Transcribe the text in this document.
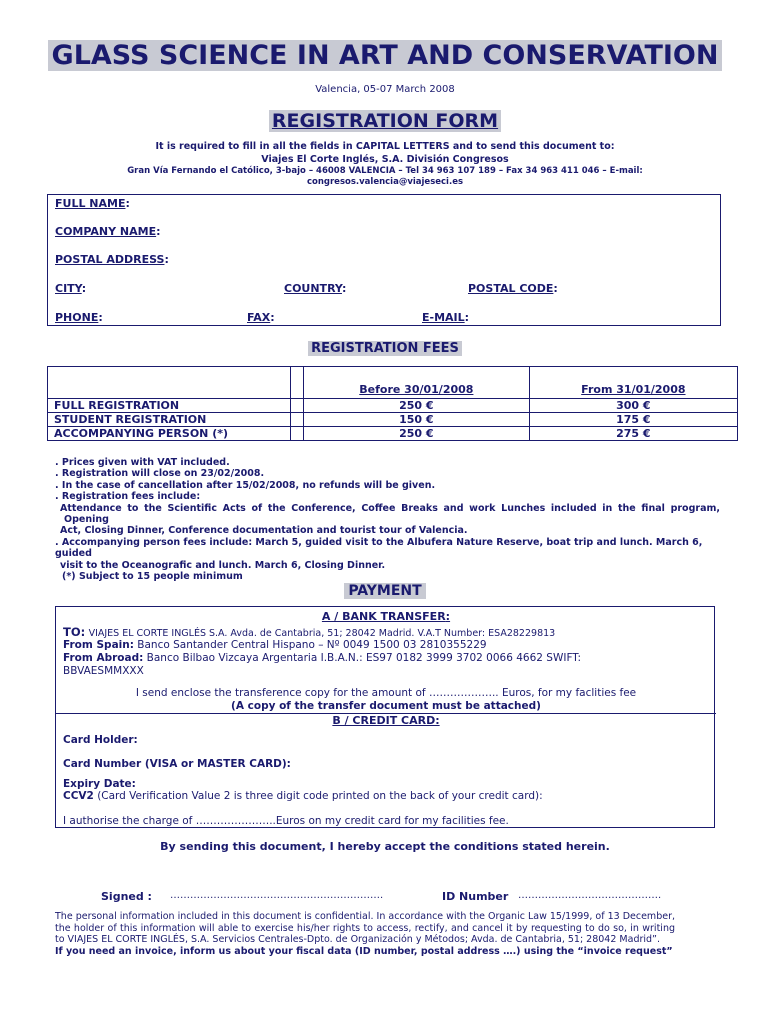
GLASS SCIENCE IN ART AND CONSERVATION
Valencia, 05-07 March 2008
REGISTRATION FORM
It is required to fill in all the fields in CAPITAL LETTERS and to send this document to:
Viajes El Corte Inglés, S.A. División Congresos
Gran Vía Fernando el Católico, 3-bajo – 46008 VALENCIA – Tel 34 963 107 189 – Fax 34 963 411 046 – E-mail:
congresos.valencia@viajeseci.es
FULL NAME:
COMPANY NAME:
POSTAL ADDRESS:
CITY:	COUNTRY:	POSTAL CODE:
PHONE:	FAX:	E-MAIL:
REGISTRATION FEES
		Before 30/01/2008	From 31/01/2008
FULL REGISTRATION		250 €	300 €
STUDENT REGISTRATION		150 €	175 €
ACCOMPANYING PERSON (*)		250 €	275 €
. Prices given with VAT included.
. Registration will close on 23/02/2008.
. In the case of cancellation after 15/02/2008, no refunds will be given.
. Registration fees include:
Attendance to the Scientific Acts of the Conference, Coffee Breaks and work Lunches included in the final program, Opening
Act, Closing Dinner, Conference documentation and tourist tour of Valencia.
. Accompanying person fees include: March 5, guided visit to the Albufera Nature Reserve, boat trip and lunch. March 6, guided
visit to the Oceanografic and lunch. March 6, Closing Dinner.
(*) Subject to 15 people minimum
PAYMENT
A / BANK TRANSFER:
TO: VIAJES EL CORTE INGLÉS S.A. Avda. de Cantabria, 51; 28042 Madrid. V.A.T Number: ESA28229813
From Spain: Banco Santander Central Hispano – Nº 0049 1500 03 2810355229
From Abroad: Banco Bilbao Vizcaya Argentaria I.B.A.N.: ES97 0182 3999 3702 0066 4662 SWIFT:
BBVAESMMXXX
I send enclose the transference copy for the amount of ……………….. Euros, for my faclities fee
(A copy of the transfer document must be attached)
B / CREDIT CARD:
Card Holder:
Card Number (VISA or MASTER CARD):
Expiry Date:
CCV2 (Card Verification Value 2 is three digit code printed on the back of your credit card):
I authorise the charge of …………………..Euros on my credit card for my facilities fee.
By sending this document, I hereby accept the conditions stated herein.
Signed : ……………………………………………………….	ID Number …………………………………….
The personal information included in this document is confidential. In accordance with the Organic Law 15/1999, of 13 December, the holder of this information will able to exercise his/her rights to access, rectify, and cancel it by requesting to do so, in writing to VIAJES EL CORTE INGLÉS, S.A. Servicios Centrales-Dpto. de Organización y Métodos; Avda. de Cantabria, 51; 28042 Madrid”.
If you need an invoice, inform us about your fiscal data (ID number, postal address ….) using the “invoice request”
